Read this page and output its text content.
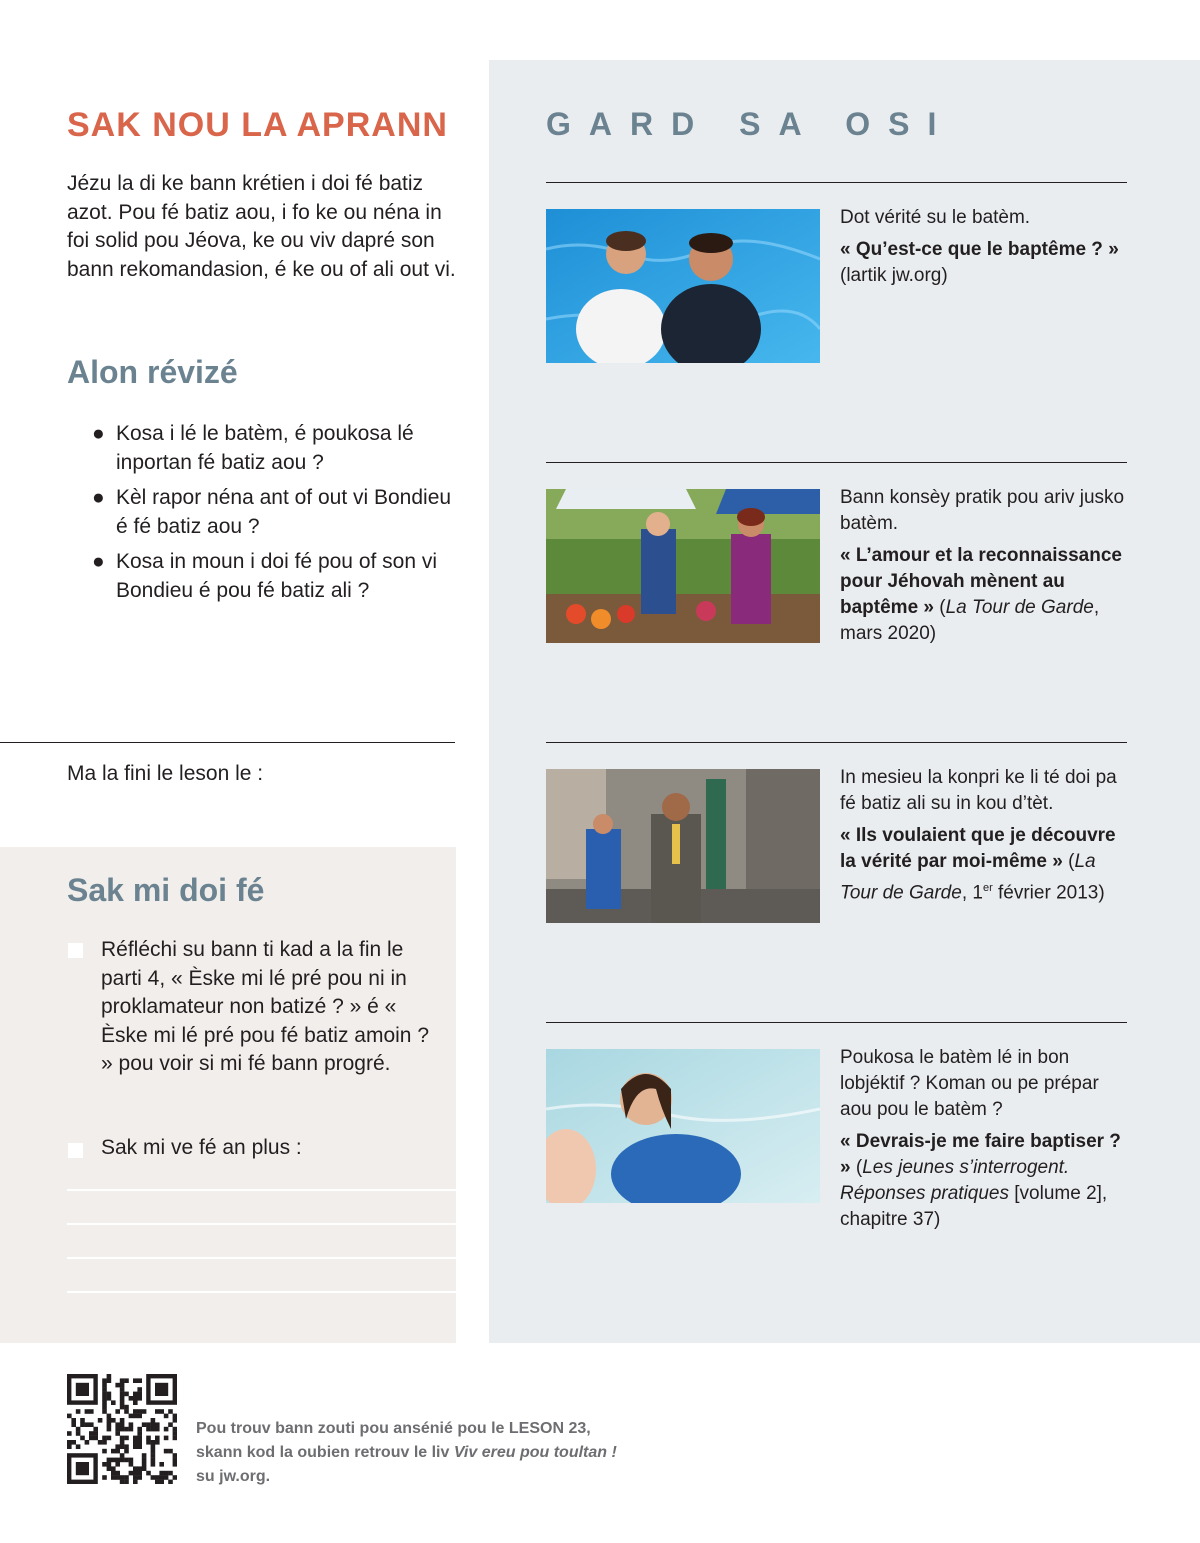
SAK NOU LA APRANN

Jézu la di ke bann krétien i doi fé batiz azot. Pou fé batiz aou, i fo ke ou néna in foi solid pou Jéova, ke ou viv dapré son bann rekomandasion, é ke ou of ali out vi.

Alon révizé
● Kosa i lé le batèm, é poukosa lé inportan fé batiz aou ?
● Kèl rapor néna ant of out vi Bondieu é fé batiz aou ?
● Kosa in moun i doi fé pou of son vi Bondieu é pou fé batiz ali ?

Ma la fini le leson le :

Sak mi doi fé

Réfléchi su bann ti kad a la fin le parti 4, « Èske mi lé pré pou ni in proklamateur non batizé ? » é « Èske mi lé pré pou fé batiz amoin ? » pou voir si mi fé bann progré.

Sak mi ve fé an plus :

GARD SA OSI

Dot vérité su le batèm.

« Qu’est-ce que le baptême ? »
(lartik jw.org)

Bann konsèy pratik pou ariv jusko batèm.

« L’amour et la reconnaissance pour Jéhovah mènent au baptême » (La Tour de Garde, mars 2020)

In mesieu la konpri ke li té doi pa fé batiz ali su in kou d’tèt.

« Ils voulaient que je découvre la vérité par moi-même » (La Tour de Garde, 1er février 2013)

Poukosa le batèm lé in bon lobjéktif ? Koman ou pe prépar aou pou le batèm ?

« Devrais-je me faire baptiser ? » (Les jeunes s’interrogent. Réponses pratiques [volume 2], chapitre 37)

Pou trouv bann zouti pou ansénié pou le LESON 23,
skann kod la oubien retrouv le liv Viv ereu pou toultan !
su jw.org.
